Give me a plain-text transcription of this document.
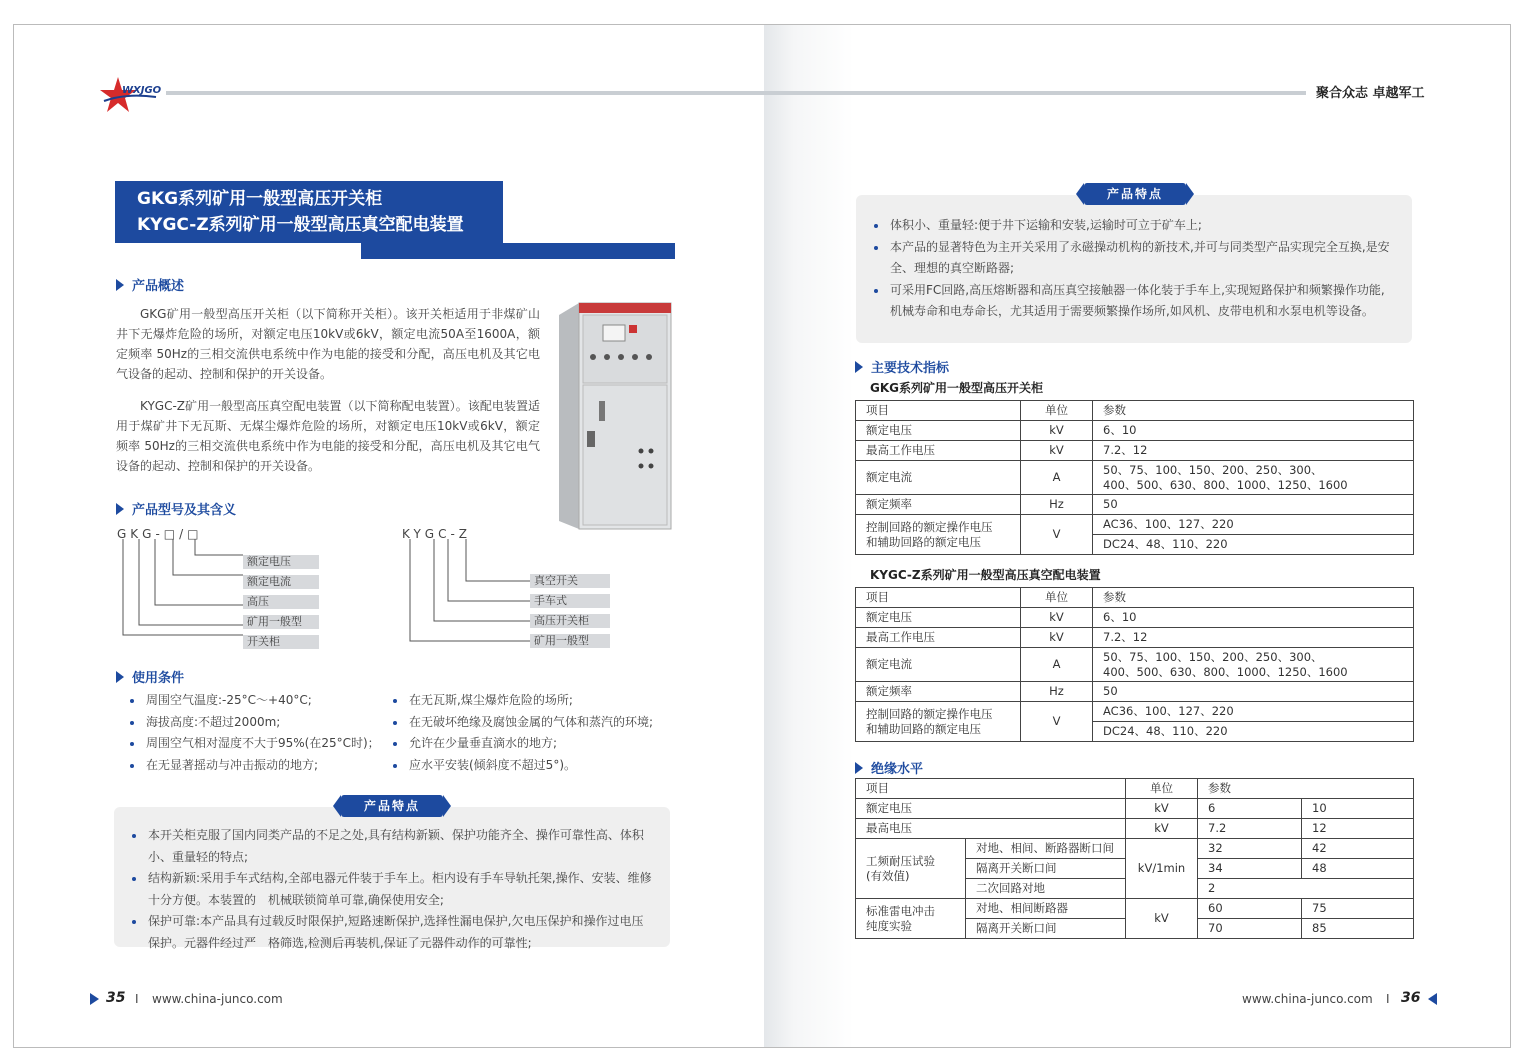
WXJGO	聚合众志 卓越军工
GKG系列矿用一般型高压开关柜
KYGC-Z系列矿用一般型高压真空配电装置
产品概述
GKG矿用一般型高压开关柜（以下简称开关柜）。该开关柜适用于非煤矿山井下无爆炸危险的场所，对额定电压10kV或6kV，额定电流50A至1600A，额定频率 50Hz的三相交流供电系统中作为电能的接受和分配，高压电机及其它电气设备的起动、控制和保护的开关设备。
KYGC-Z矿用一般型高压真空配电装置（以下简称配电装置）。该配电装置适用于煤矿井下无瓦斯、无煤尘爆炸危险的场所，对额定电压10kV或6kV，额定频率 50Hz的三相交流供电系统中作为电能的接受和分配，高压电机及其它电气设备的起动、控制和保护的开关设备。
产品型号及其含义
GKG-□/□
额定电压
额定电流
高压
矿用一般型
开关柜
KYGC-Z
真空开关
手车式
高压开关柜
矿用一般型
使用条件
周围空气温度:-25°C～+40°C;
海拔高度:不超过2000m;
周围空气相对湿度不大于95%(在25°C时)；
在无显著摇动与冲击振动的地方;
在无瓦斯,煤尘爆炸危险的场所;
在无破坏绝缘及腐蚀金属的气体和蒸汽的环境;
允许在少量垂直滴水的地方;
应水平安装(倾斜度不超过5°)。
本开关柜克服了国内同类产品的不足之处,具有结构新颖、保护功能齐全、操作可靠性高、体积小、重量轻的特点;
结构新颖:采用手车式结构,全部电器元件装于手车上。柜内设有手车导轨托架,操作、安装、维修十分方便。本装置的　机械联锁简单可靠,确保使用安全;
保护可靠:本产品具有过载反时限保护,短路速断保护,选择性漏电保护,欠电压保护和操作过电压保护。元器件经过严　格筛选,检测后再装机,保证了元器件动作的可靠性;
产品特点
35 I www.china-junco.com
体积小、重量轻:便于井下运输和安装,运输时可立于矿车上;
本产品的显著特色为主开关采用了永磁操动机构的新技术,并可与同类型产品实现完全互换,是安全、理想的真空断路器;
可采用FC回路,高压熔断器和高压真空接触器一体化装于手车上,实现短路保护和频繁操作功能,机械寿命和电寿命长，尤其适用于需要频繁操作场所,如风机、皮带电机和水泵电机等设备。
产品特点
主要技术指标
GKG系列矿用一般型高压开关柜
项目	单位	参数
额定电压	kV	6、10
最高工作电压	kV	7.2、12
额定电流	A	50、75、100、150、200、250、300、
400、500、630、800、1000、1250、1600

额定频率	Hz	50

控制回路的额定操作电压
和辅助回路的额定电压	V	AC36、100、127、220
		DC24、48、110、220
KYGC-Z系列矿用一般型高压真空配电装置
项目	单位	参数
额定电压	kV	6、10
最高工作电压	kV	7.2、12
额定电流	A	50、75、100、150、200、250、300、
400、500、630、800、1000、1250、1600

额定频率	Hz	50

控制回路的额定操作电压
和辅助回路的额定电压	V	AC36、100、127、220
		DC24、48、110、220
绝缘水平
项目		单位	参数	
额定电压		kV	6	10
最高电压		kV	7.2	12

工频耐压试验
(有效值)	对地、相间、断路器断口间	kV/1min	32	42
	隔离开关断口间		34	48
	二次回路对地		2	

标准雷电冲击
纯度实验	对地、相间断路器	kV	60	75
	隔离开关断口间		70	85
www.china-junco.com I 36
